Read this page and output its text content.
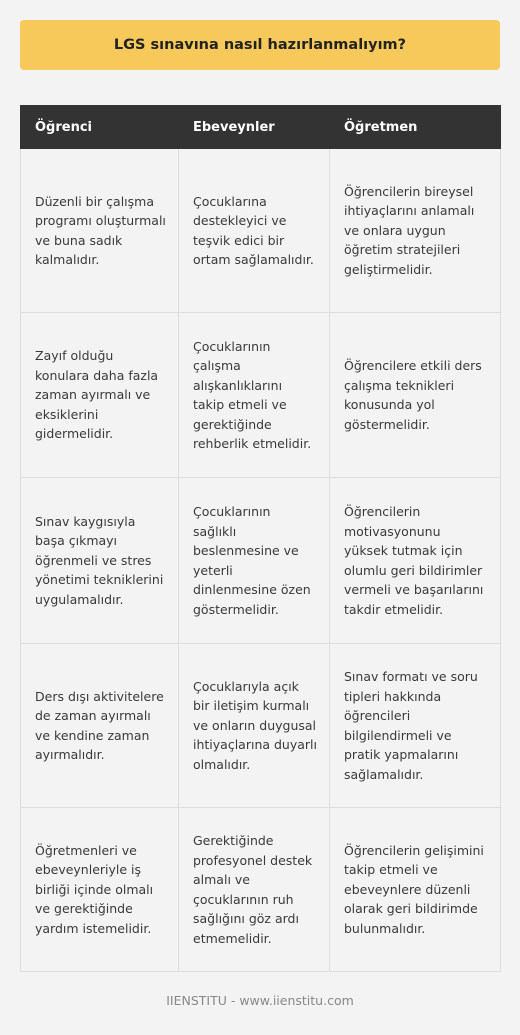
LGS sınavına nasıl hazırlanmalıyım?
Öğrenci	Ebeveynler	Öğretmen
Düzenli bir çalışma programı oluşturmalı ve buna sadık kalmalıdır.	Çocuklarına destekleyici ve teşvik edici bir ortam sağlamalıdır.	Öğrencilerin bireysel ihtiyaçlarını anlamalı ve onlara uygun öğretim stratejileri geliştirmelidir.
Zayıf olduğu konulara daha fazla zaman ayırmalı ve eksiklerini gidermelidir.	Çocuklarının çalışma alışkanlıklarını takip etmeli ve gerektiğinde rehberlik etmelidir.	Öğrencilere etkili ders çalışma teknikleri konusunda yol göstermelidir.
Sınav kaygısıyla başa çıkmayı öğrenmeli ve stres yönetimi tekniklerini uygulamalıdır.	Çocuklarının sağlıklı beslenmesine ve yeterli dinlenmesine özen göstermelidir.	Öğrencilerin motivasyonunu yüksek tutmak için olumlu geri bildirimler vermeli ve başarılarını takdir etmelidir.
Ders dışı aktivitelere de zaman ayırmalı ve kendine zaman ayırmalıdır.	Çocuklarıyla açık bir iletişim kurmalı ve onların duygusal ihtiyaçlarına duyarlı olmalıdır.	Sınav formatı ve soru tipleri hakkında öğrencileri bilgilendirmeli ve pratik yapmalarını sağlamalıdır.
Öğretmenleri ve ebeveynleriyle iş birliği içinde olmalı ve gerektiğinde yardım istemelidir.	Gerektiğinde profesyonel destek almalı ve çocuklarının ruh sağlığını göz ardı etmemelidir.	Öğrencilerin gelişimini takip etmeli ve ebeveynlere düzenli olarak geri bildirimde bulunmalıdır.
IIENSTITU - www.iienstitu.com
